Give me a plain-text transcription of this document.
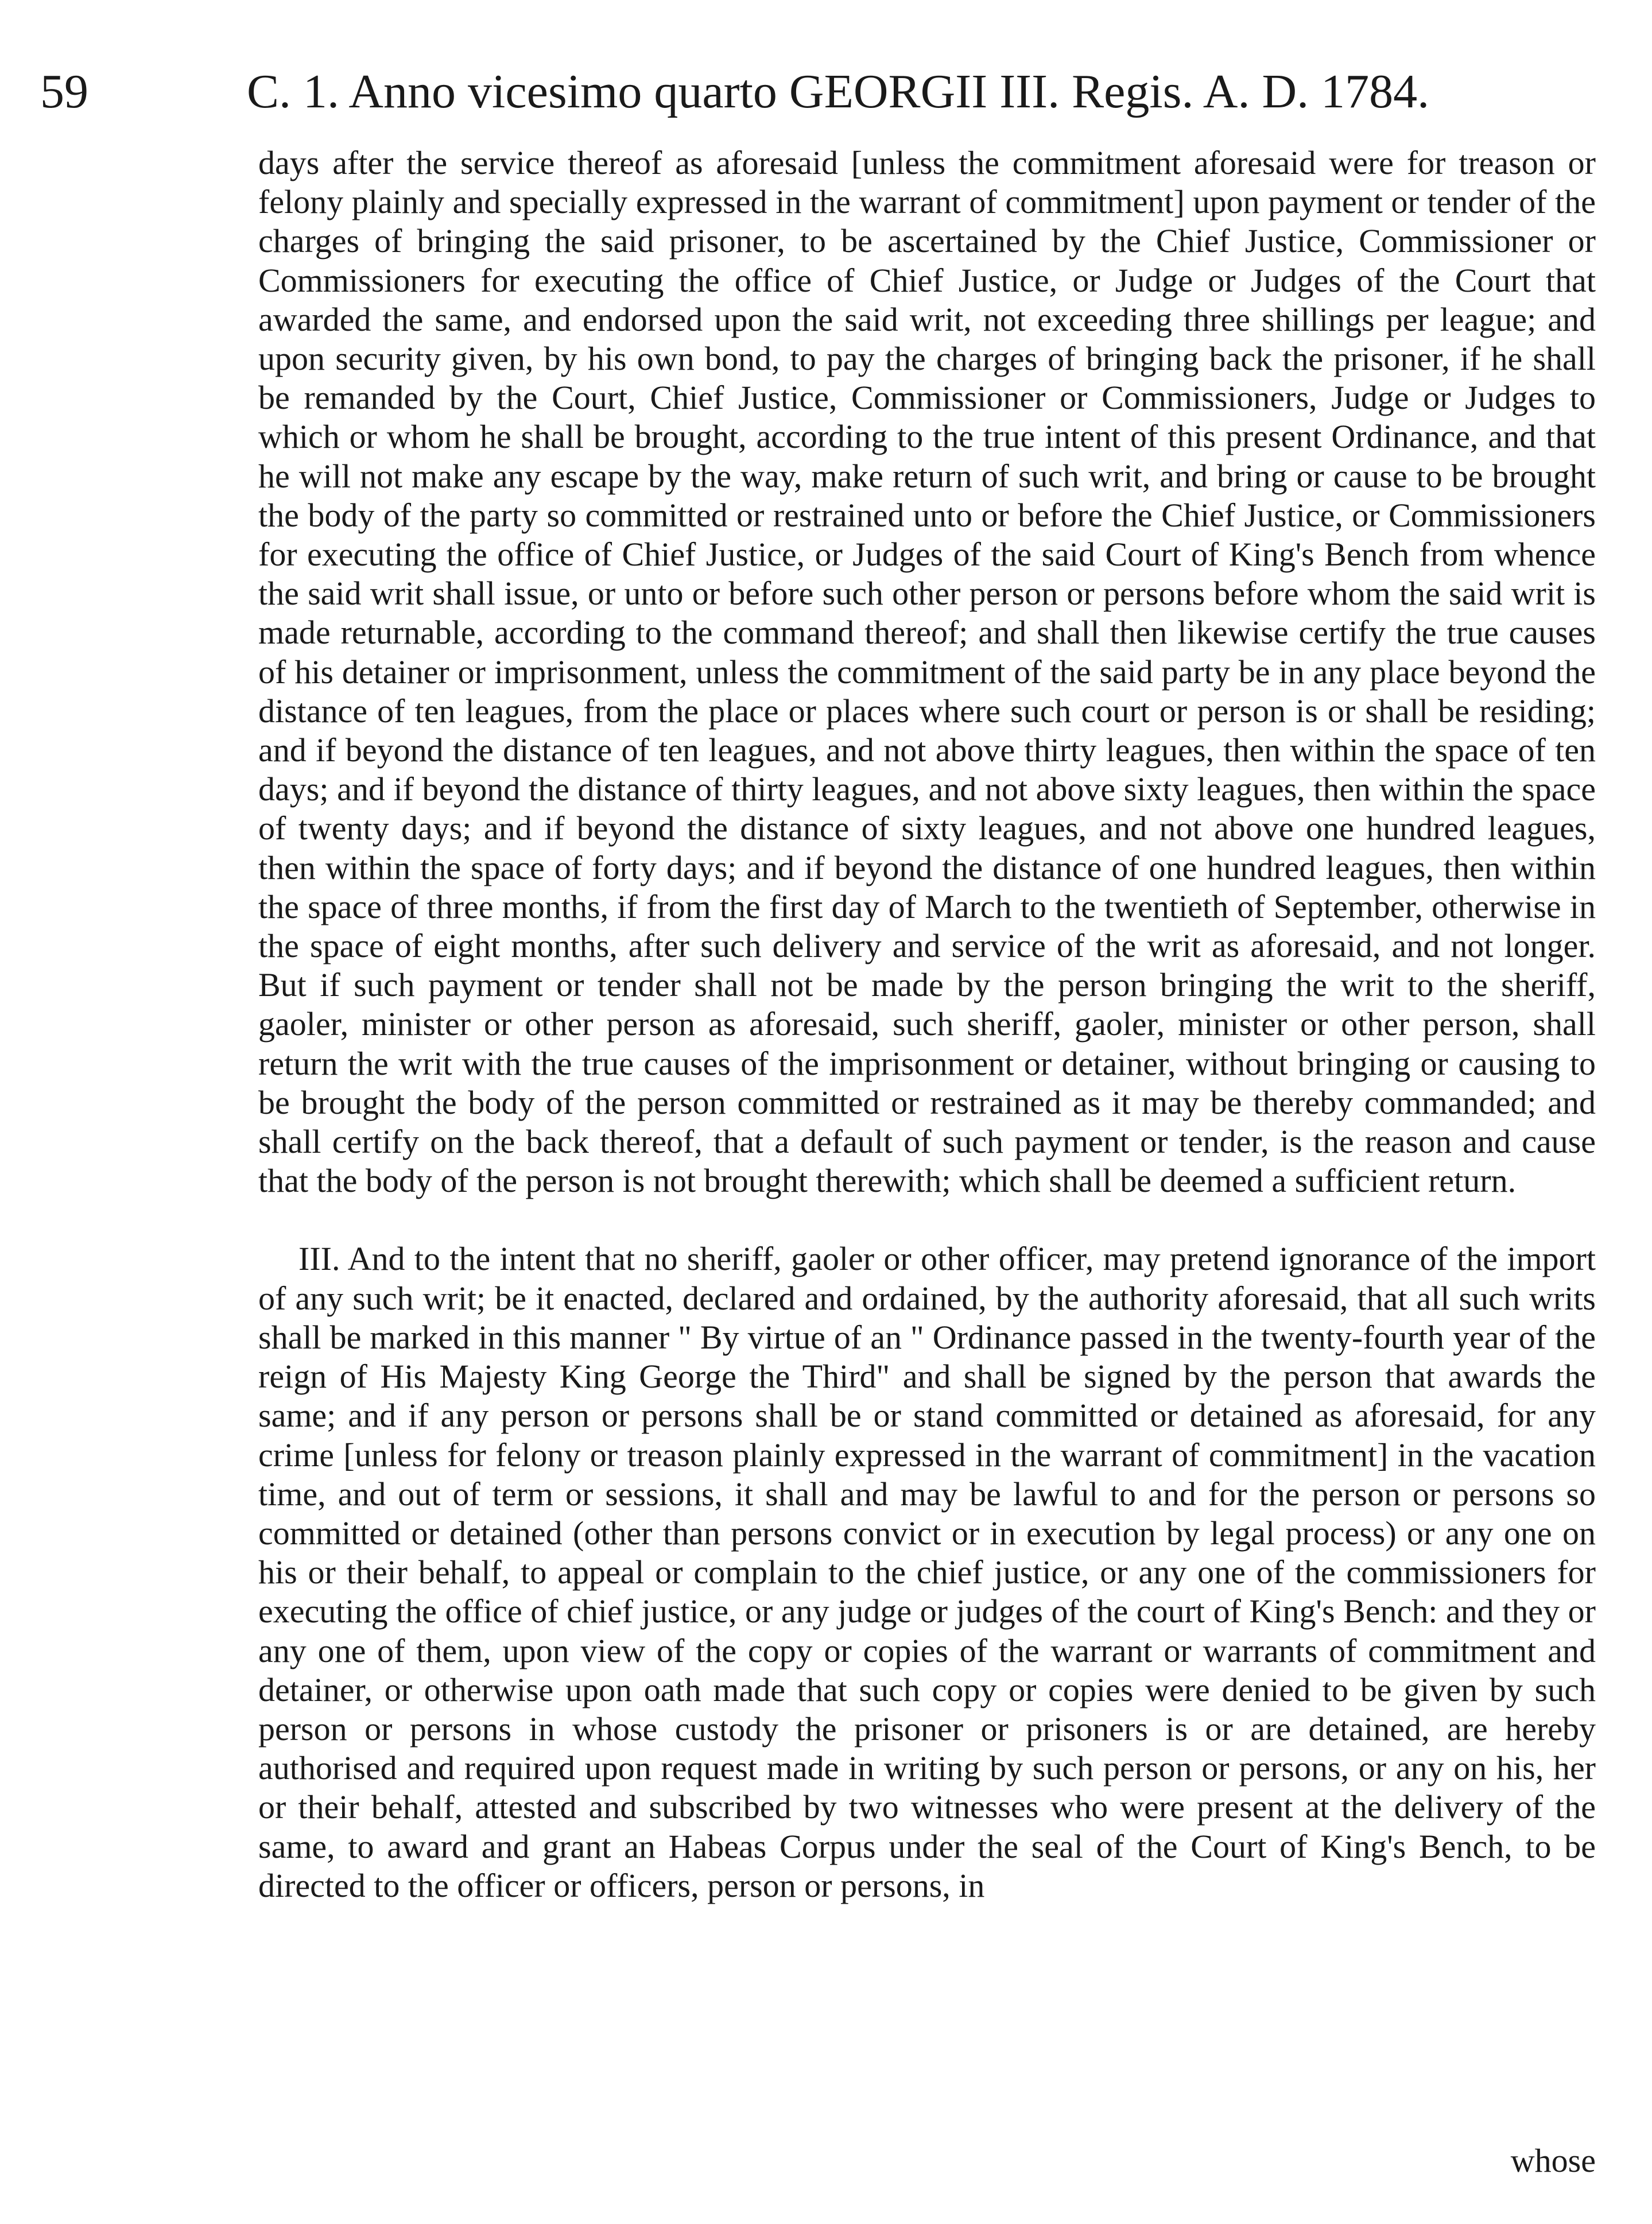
59	C. 1. Anno vicesimo quarto GEORGII III. Regis. A. D. 1784.

days after the service thereof as aforesaid [unless the commitment aforesaid were for treason or felony plainly and specially expressed in the warrant of commitment] upon payment or tender of the charges of bringing the said prisoner, to be ascertained by the Chief Justice, Commissioner or Commissioners for executing the office of Chief Justice, or Judge or Judges of the Court that awarded the same, and endorsed upon the said writ, not exceeding three shillings per league; and upon security given, by his own bond, to pay the charges of bringing back the prisoner, if he shall be remanded by the Court, Chief Justice, Commissioner or Commissioners, Judge or Judges to which or whom he shall be brought, according to the true intent of this present Ordinance, and that he will not make any escape by the way, make return of such writ, and bring or cause to be brought the body of the party so committed or restrained unto or before the Chief Justice, or Commissioners for executing the office of Chief Justice, or Judges of the said Court of King's Bench from whence the said writ shall issue, or unto or before such other person or persons before whom the said writ is made returnable, according to the command thereof; and shall then likewise certify the true causes of his detainer or imprisonment, unless the commitment of the said party be in any place beyond the distance of ten leagues, from the place or places where such court or person is or shall be residing; and if beyond the distance of ten leagues, and not above thirty leagues, then within the space of ten days; and if beyond the distance of thirty leagues, and not above sixty leagues, then within the space of twenty days; and if beyond the distance of sixty leagues, and not above one hundred leagues, then within the space of forty days; and if beyond the distance of one hundred leagues, then within the space of three months, if from the first day of March to the twentieth of September, otherwise in the space of eight months, after such delivery and service of the writ as aforesaid, and not longer. But if such payment or tender shall not be made by the person bringing the writ to the sheriff, gaoler, minister or other person as aforesaid, such sheriff, gaoler, minister or other person, shall return the writ with the true causes of the imprisonment or detainer, without bringing or causing to be brought the body of the person committed or restrained as it may be thereby commanded; and shall certify on the back thereof, that a default of such payment or tender, is the reason and cause that the body of the person is not brought therewith; which shall be deemed a sufficient return.

III. And to the intent that no sheriff, gaoler or other officer, may pretend ignorance of the import of any such writ; be it enacted, declared and ordained, by the authority aforesaid, that all such writs shall be marked in this manner " By virtue of an " Ordinance passed in the twenty-fourth year of the reign of His Majesty King George the Third" and shall be signed by the person that awards the same; and if any person or persons shall be or stand committed or detained as aforesaid, for any crime [unless for felony or treason plainly expressed in the warrant of commitment] in the vacation time, and out of term or sessions, it shall and may be lawful to and for the person or persons so committed or detained (other than persons convict or in execution by legal process) or any one on his or their behalf, to appeal or complain to the chief justice, or any one of the commissioners for executing the office of chief justice, or any judge or judges of the court of King's Bench: and they or any one of them, upon view of the copy or copies of the warrant or warrants of commitment and detainer, or otherwise upon oath made that such copy or copies were denied to be given by such person or persons in whose custody the prisoner or prisoners is or are detained, are hereby authorised and required upon request made in writing by such person or persons, or any on his, her or their behalf, attested and subscribed by two witnesses who were present at the delivery of the same, to award and grant an Habeas Corpus under the seal of the Court of King's Bench, to be directed to the officer or officers, person or persons, in

whose
